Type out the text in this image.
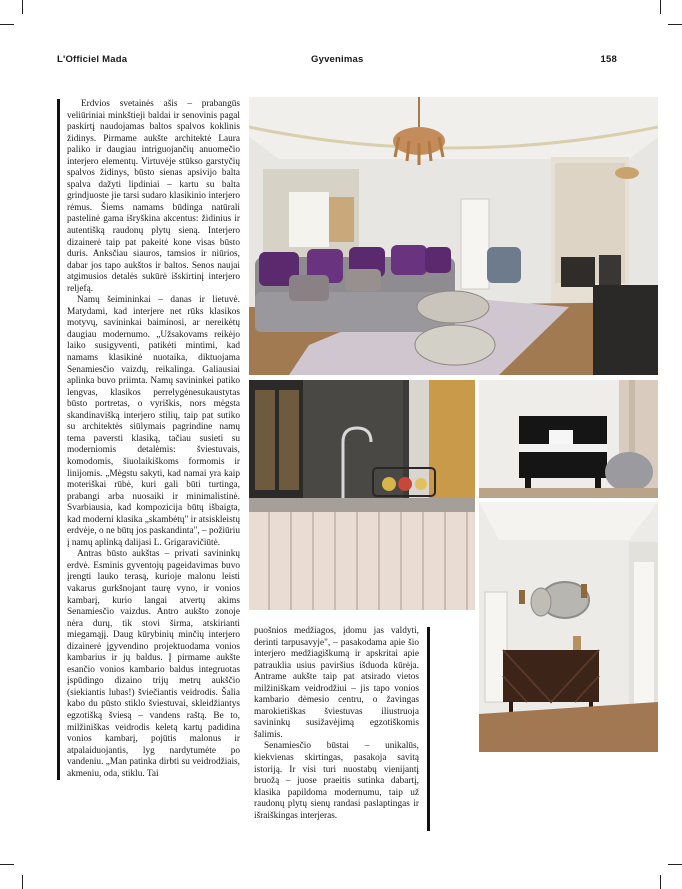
L'Officiel Mada	Gyvenimas	158

Erdvios svetainės ašis – prabangūs veliūriniai minkštieji baldai ir senovinis pagal paskirtį naudojamas baltos spalvos koklinis židinys. Pirmame aukšte architektė Laura paliko ir daugiau intriguojančių anuomečio interjero elementų. Virtuvėje stūkso garstyčių spalvos židinys, būsto sienas apsivijo balta spalva dažyti lipdiniai – kartu su balta grindjuoste jie tarsi sudaro klasikinio interjero rėmus. Šiems namams būdinga natūrali pastelinė gama išryškina akcentus: židinius ir autentišką raudonų plytų sieną. Interjero dizainerė taip pat pakeitė kone visas būsto duris. Anksčiau siauros, tamsios ir niūrios, dabar jos tapo aukštos ir baltos. Senos naujai atgimusios detalės sukūrė išskirtinį interjero reljefą.

Namų šeimininkai – danas ir lietuvė. Matydami, kad interjere net rūks klasikos motyvų, savininkai baiminosi, ar nereikėtų daugiau modernumo. „Užsakovams reikėjo laiko susigyventi, patikėti mintimi, kad namams klasikinė nuotaika, diktuojama Senamiesčio vaizdų, reikalinga. Galiausiai aplinka buvo priimta. Namų savininkei patiko lengvas, klasikos perrelygėnesukaustytas būsto portretas, o vyriškis, nors mėgsta skandinavišką interjero stilių, taip pat sutiko su architektės siūlymais pagrindine namų tema paversti klasiką, tačiau susieti su moderniomis detalėmis: šviestuvais, komodomis, šiuolaikiškoms formomis ir linijomis. „Mėgstu sakyti, kad namai yra kaip moteriškai rūbė, kuri gali būti turtinga, prabangi arba nuosaiki ir minimalistinė. Svarbiausia, kad kompozicija būtų išbaigta, kad moderni klasika „skambėtų" ir atsiskleistų erdvėje, o ne būtų jos paskandinta", – požiūriu į namų aplinką dalijasi L. Grigaravičiūtė.

Antras būsto aukštas – privati savininkų erdvė. Esminis gyventojų pageidavimas buvo įrengti lauko terasą, kurioje malonu leisti vakarus gurkšnojant taurę vyno, ir vonios kambarį, kurio langai atvertų akims Senamiesčio vaizdus. Antro aukšto zonoje nėra durų, tik stovi širma, atskirianti miegamąjį. Daug kūrybinių minčių interjero dizainerė įgyvendino projektuodama vonios kambarius ir jų baldus. Į pirmame aukšte esančio vonios kambario baldus integruotas įspūdingo dizaino trijų metrų aukščio (siekiantis lubas!) šviečiantis veidrodis. Šalia kabo du pūsto stiklo šviestuvai, skleidžiantys egzotišką šviesą – vandens raštą. Be to, milžiniškas veidrodis keletą kartų padidina vonios kambarį, pojūtis malonus ir atpalaiduojantis, lyg nardytumėte po vandeniu. „Man patinka dirbti su veidrodžiais, akmeniu, oda, stiklu. Tai

puošnios medžiagos, įdomu jas valdyti, derinti tarpusavyje", – pasakodama apie šio interjero medžiagiškumą ir apskritai apie patrauklia usius paviršius išduoda kūrėja. Antrame aukšte taip pat atsirado vietos milžiniškam veidrodžiui – jis tapo vonios kambario dėmesio centru, o žavingas marokietiškas šviestuvas iliustruoja savininkų susižavėjimą egzotiškomis šalimis.

Senamiesčio būstai – unikalūs, kiekvienas skirtingas, pasakoja savitą istoriją. Ir visi turi nuostabų vienijantį bruožą – juose praeitis sutinka dabartį, klasika papildoma modernumu, taip už raudonų plytų sienų randasi paslaptingas ir išraiškingas interjeras.
